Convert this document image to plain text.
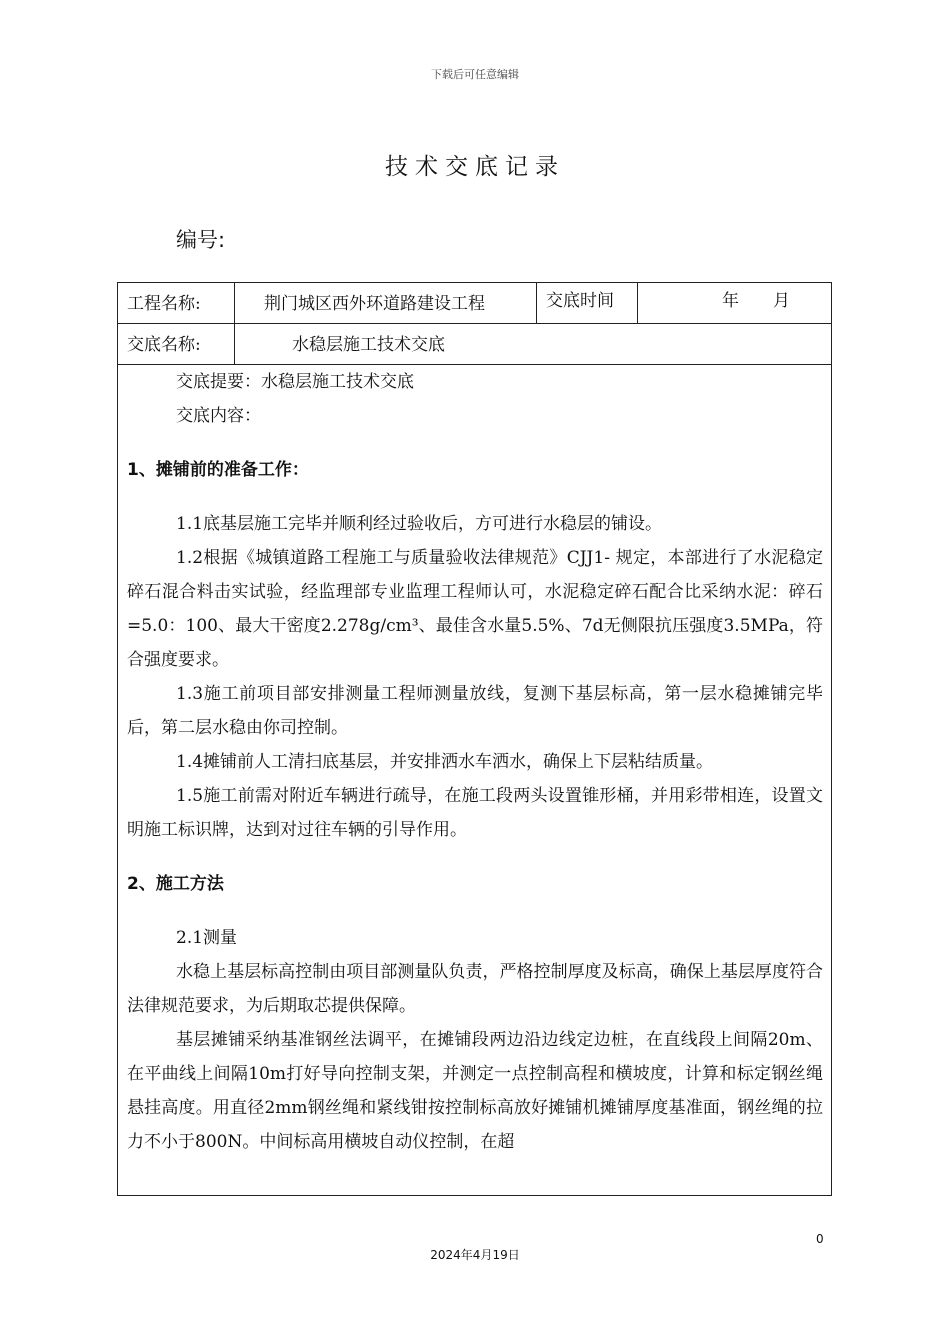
下载后可任意编辑
技术交底记录
编号:
工程名称:	荆门城区西外环道路建设工程	交底时间	年　　月
交底名称:	水稳层施工技术交底

交底提要：水稳层施工技术交底

交底内容：

1、摊铺前的准备工作：

1.1底基层施工完毕并顺利经过验收后，方可进行水稳层的铺设。

1.2根据《城镇道路工程施工与质量验收法律规范》CJJ1- 规定，本部进行了水泥稳定碎石混合料击实试验，经监理部专业监理工程师认可，水泥稳定碎石配合比采纳水泥：碎石=5.0：100、最大干密度2.278g/cm³、最佳含水量5.5%、7d无侧限抗压强度3.5MPa，符合强度要求。

1.3施工前项目部安排测量工程师测量放线，复测下基层标高，第一层水稳摊铺完毕后，第二层水稳由你司控制。

1.4摊铺前人工清扫底基层，并安排洒水车洒水，确保上下层粘结质量。

1.5施工前需对附近车辆进行疏导，在施工段两头设置锥形桶，并用彩带相连，设置文明施工标识牌，达到对过往车辆的引导作用。

2、施工方法

2.1测量

水稳上基层标高控制由项目部测量队负责，严格控制厚度及标高，确保上基层厚度符合法律规范要求，为后期取芯提供保障。

基层摊铺采纳基准钢丝法调平，在摊铺段两边沿边线定边桩，在直线段上间隔20m、在平曲线上间隔10m打好导向控制支架，并测定一点控制高程和横坡度，计算和标定钢丝绳悬挂高度。用直径2mm钢丝绳和紧线钳按控制标高放好摊铺机摊铺厚度基准面，钢丝绳的拉力不小于800N。中间标高用横坡自动仪控制，在超

0
2024年4月19日
